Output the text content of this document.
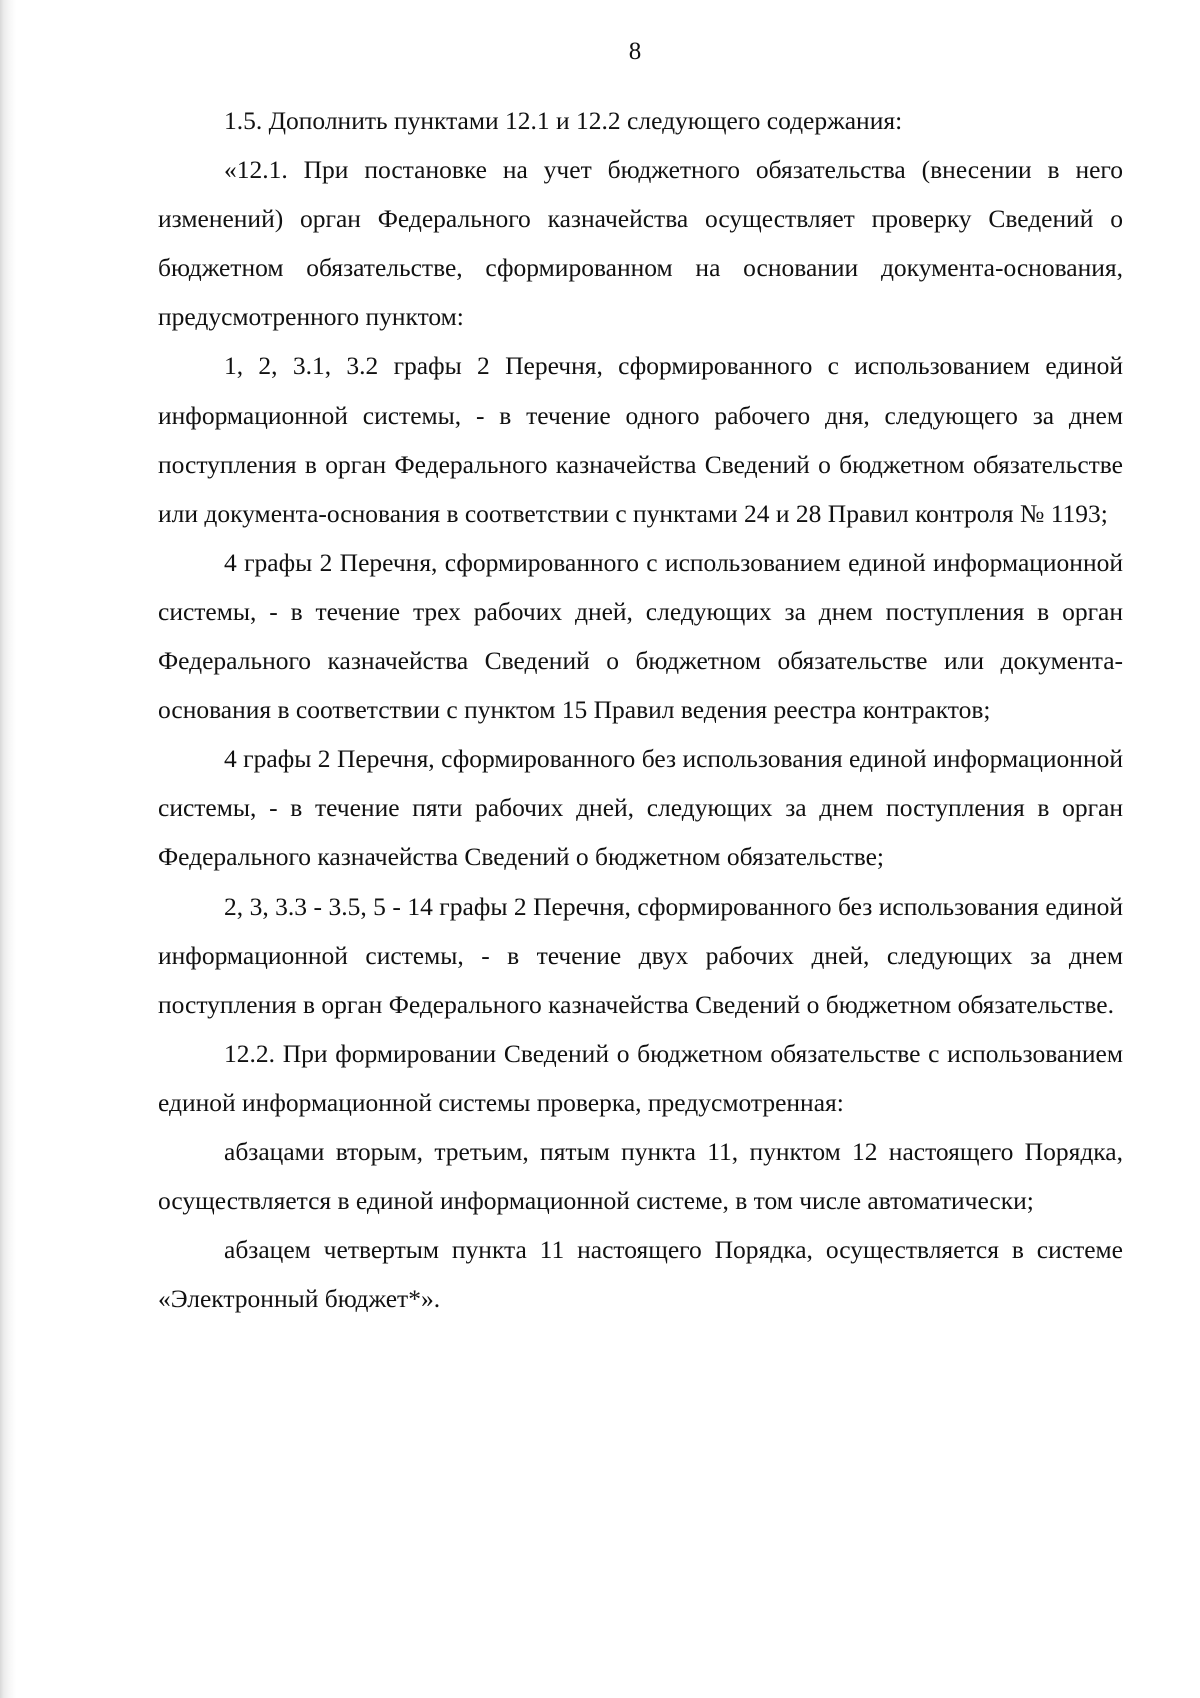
8

1.5. Дополнить пунктами 12.1 и 12.2 следующего содержания:

«12.1. При постановке на учет бюджетного обязательства (внесении в него изменений) орган Федерального казначейства осуществляет проверку Сведений о бюджетном обязательстве, сформированном на основании документа-основания, предусмотренного пунктом:

1, 2, 3.1, 3.2 графы 2 Перечня, сформированного с использованием единой информационной системы, - в течение одного рабочего дня, следующего за днем поступления в орган Федерального казначейства Сведений о бюджетном обязательстве или документа-основания в соответствии с пунктами 24 и 28 Правил контроля № 1193;

4 графы 2 Перечня, сформированного с использованием единой информационной системы, - в течение трех рабочих дней, следующих за днем поступления в орган Федерального казначейства Сведений о бюджетном обязательстве или документа-основания в соответствии с пунктом 15 Правил ведения реестра контрактов;

4 графы 2 Перечня, сформированного без использования единой информационной системы, - в течение пяти рабочих дней, следующих за днем поступления в орган Федерального казначейства Сведений о бюджетном обязательстве;

2, 3, 3.3 - 3.5, 5 - 14 графы 2 Перечня, сформированного без использования единой информационной системы, - в течение двух рабочих дней, следующих за днем поступления в орган Федерального казначейства Сведений о бюджетном обязательстве.

12.2. При формировании Сведений о бюджетном обязательстве с использованием единой информационной системы проверка, предусмотренная:

абзацами вторым, третьим, пятым пункта 11, пунктом 12 настоящего Порядка, осуществляется в единой информационной системе, в том числе автоматически;

абзацем четвертым пункта 11 настоящего Порядка, осуществляется в системе «Электронный бюджет*».
